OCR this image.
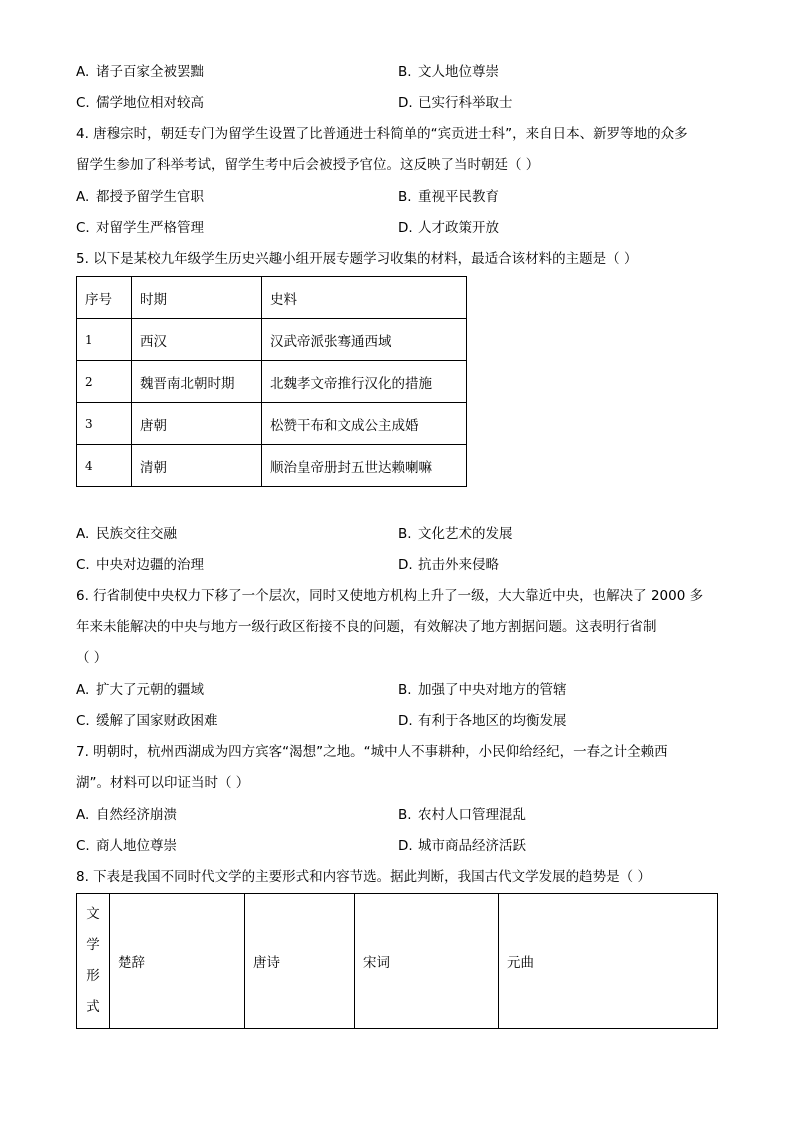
A. 诸子百家全被罢黜	B. 文人地位尊崇
C. 儒学地位相对较高	D. 已实行科举取士
4. 唐穆宗时，朝廷专门为留学生设置了比普通进士科简单的“宾贡进士科”，来自日本、新罗等地的众多
留学生参加了科举考试，留学生考中后会被授予官位。这反映了当时朝廷（ ）
A. 都授予留学生官职	B. 重视平民教育
C. 对留学生严格管理	D. 人才政策开放
5. 以下是某校九年级学生历史兴趣小组开展专题学习收集的材料，最适合该材料的主题是（ ）
序号	时期	史料
1	西汉	汉武帝派张骞通西域
2	魏晋南北朝时期	北魏孝文帝推行汉化的措施
3	唐朝	松赞干布和文成公主成婚
4	清朝	顺治皇帝册封五世达赖喇嘛
A. 民族交往交融	B. 文化艺术的发展
C. 中央对边疆的治理	D. 抗击外来侵略
6. 行省制使中央权力下移了一个层次，同时又使地方机构上升了一级，大大靠近中央，也解决了 2000 多
年来未能解决的中央与地方一级行政区衔接不良的问题，有效解决了地方割据问题。这表明行省制
（ ）
A. 扩大了元朝的疆域	B. 加强了中央对地方的管辖
C. 缓解了国家财政困难	D. 有利于各地区的均衡发展
7. 明朝时，杭州西湖成为四方宾客“渴想”之地。“城中人不事耕种，小民仰给经纪，一春之计全赖西
湖”。材料可以印证当时（ ）
A. 自然经济崩溃	B. 农村人口管理混乱
C. 商人地位尊崇	D. 城市商品经济活跃
8. 下表是我国不同时代文学的主要形式和内容节选。据此判断，我国古代文学发展的趋势是（ ）
文
学
形
式
	楚辞	唐诗	宋词	元曲
